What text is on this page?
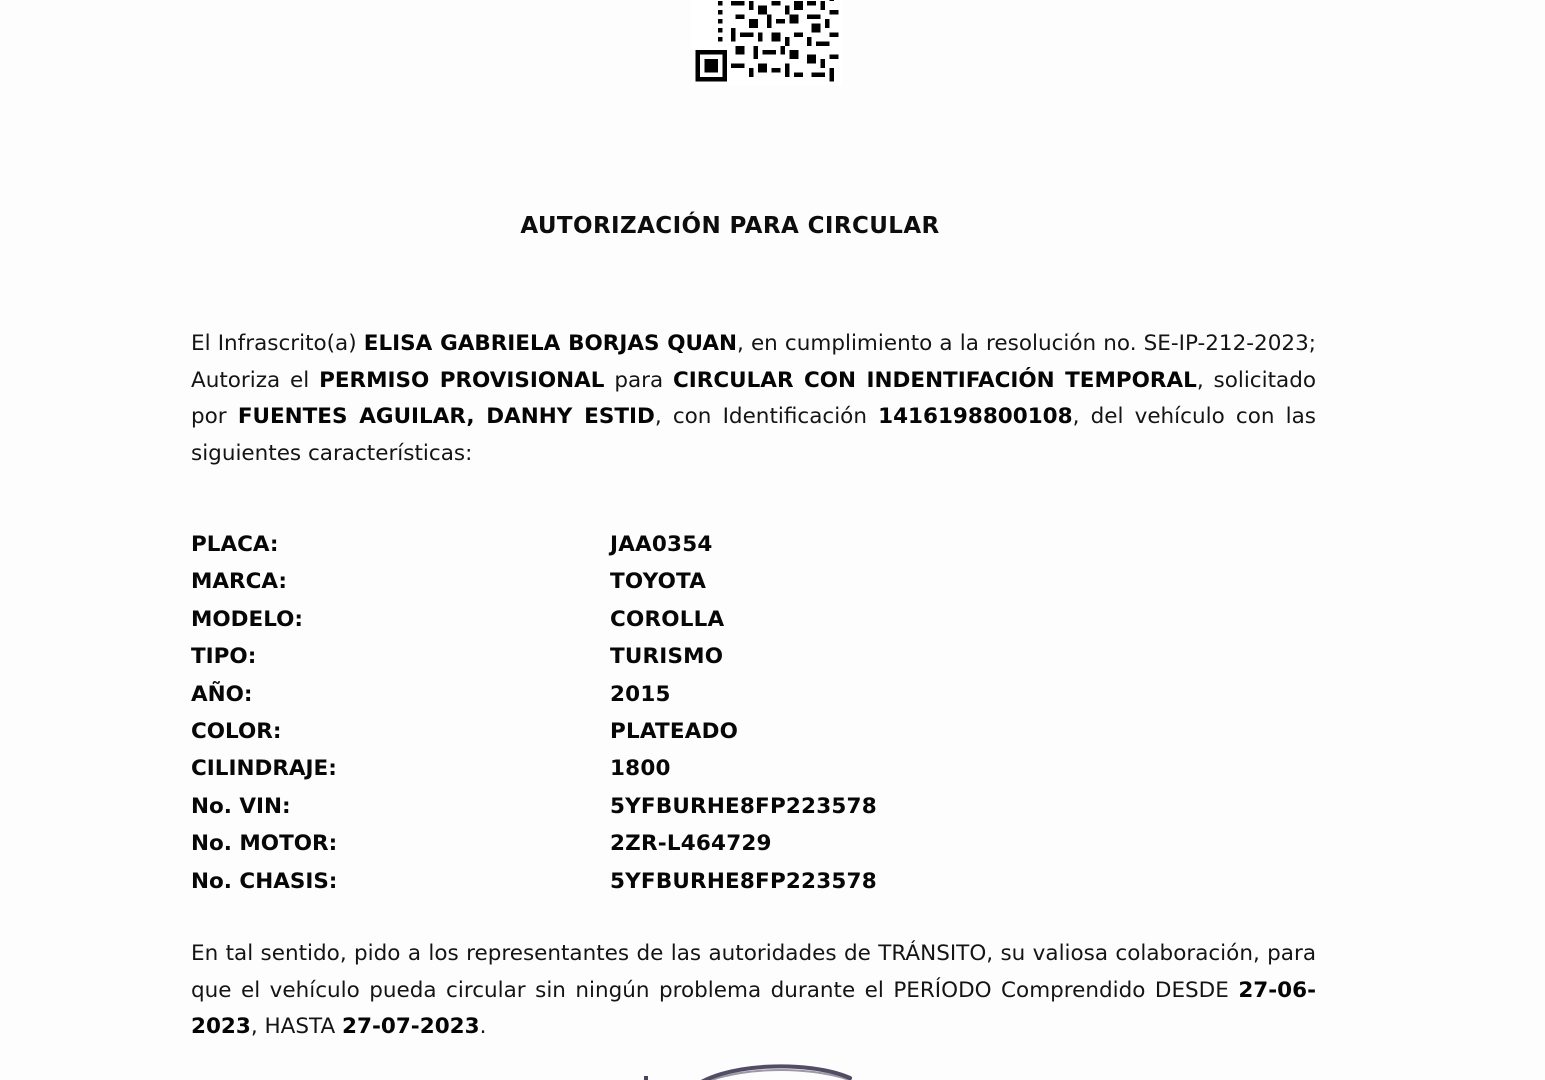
AUTORIZACIÓN PARA CIRCULAR
El Infrascrito(a) ELISA GABRIELA BORJAS QUAN, en cumplimiento a la resolución no. SE-IP-212-2023; Autoriza el PERMISO PROVISIONAL para CIRCULAR CON INDENTIFACIÓN TEMPORAL, solicitado por FUENTES AGUILAR, DANHY ESTID, con Identificación 1416198800108, del vehículo con las siguientes características:
PLACA:	JAA0354
MARCA:	TOYOTA
MODELO:	COROLLA
TIPO:	TURISMO
AÑO:	2015
COLOR:	PLATEADO
CILINDRAJE:	1800
No. VIN:	5YFBURHE8FP223578
No. MOTOR:	2ZR-L464729
No. CHASIS:	5YFBURHE8FP223578
En tal sentido, pido a los representantes de las autoridades de TRÁNSITO, su valiosa colaboración, para que el vehículo pueda circular sin ningún problema durante el PERÍODO Comprendido DESDE 27-06-2023, HASTA 27-07-2023.
